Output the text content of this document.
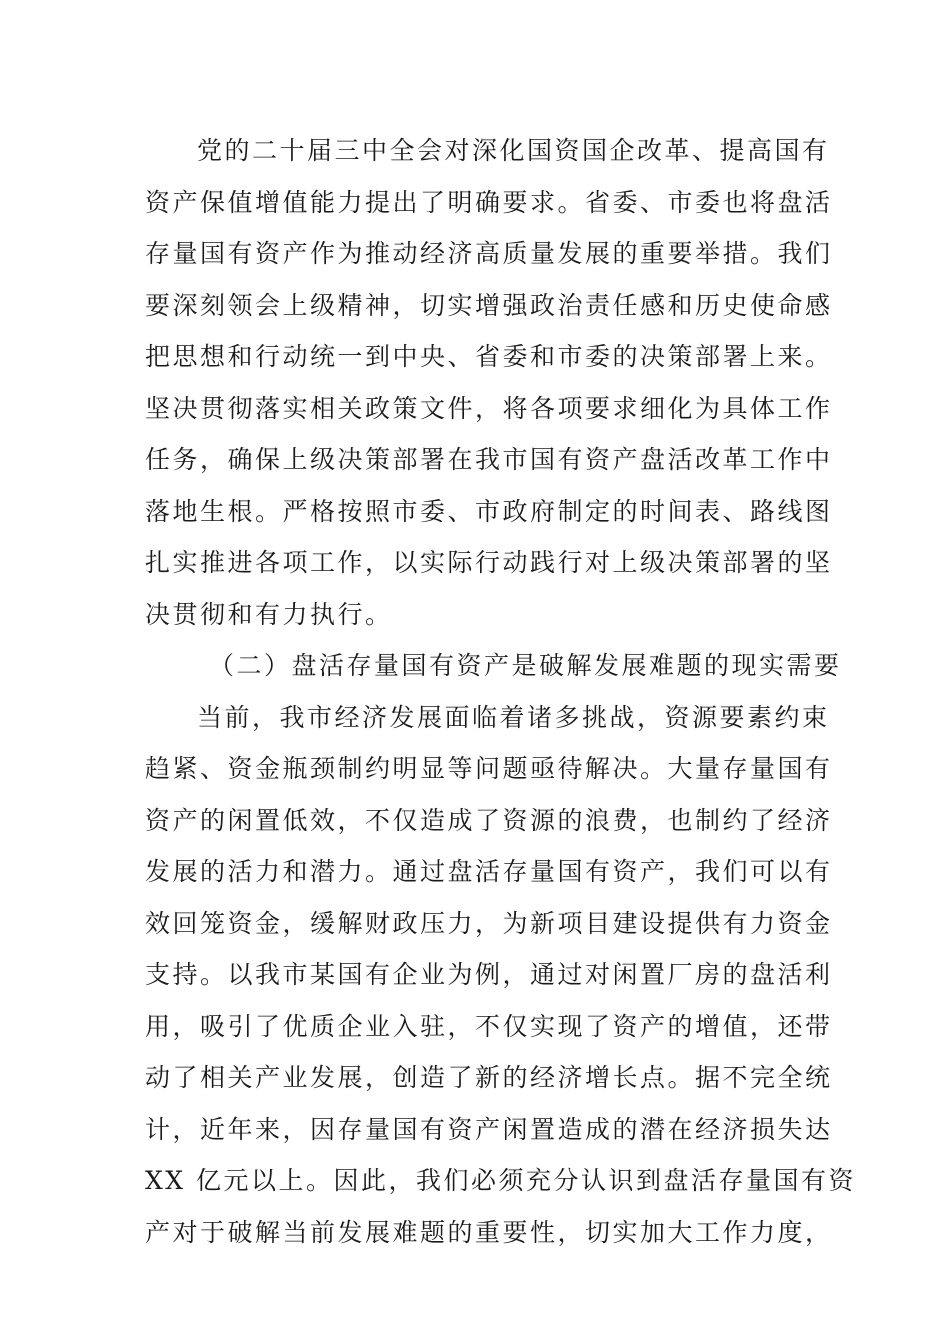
党的二十届三中全会对深化国资国企改革、提高国有
资产保值增值能力提出了明确要求。省委、市委也将盘活
存量国有资产作为推动经济高质量发展的重要举措。我们
要深刻领会上级精神，切实增强政治责任感和历史使命感
把思想和行动统一到中央、省委和市委的决策部署上来。
坚决贯彻落实相关政策文件，将各项要求细化为具体工作
任务，确保上级决策部署在我市国有资产盘活改革工作中
落地生根。严格按照市委、市政府制定的时间表、路线图
扎实推进各项工作，以实际行动践行对上级决策部署的坚
决贯彻和有力执行。
（二）盘活存量国有资产是破解发展难题的现实需要
当前，我市经济发展面临着诸多挑战，资源要素约束
趋紧、资金瓶颈制约明显等问题亟待解决。大量存量国有
资产的闲置低效，不仅造成了资源的浪费，也制约了经济
发展的活力和潜力。通过盘活存量国有资产，我们可以有
效回笼资金，缓解财政压力，为新项目建设提供有力资金
支持。以我市某国有企业为例，通过对闲置厂房的盘活利
用，吸引了优质企业入驻，不仅实现了资产的增值，还带
动了相关产业发展，创造了新的经济增长点。据不完全统
计，近年来，因存量国有资产闲置造成的潜在经济损失达
XX 亿元以上。因此，我们必须充分认识到盘活存量国有资
产对于破解当前发展难题的重要性，切实加大工作力度，
